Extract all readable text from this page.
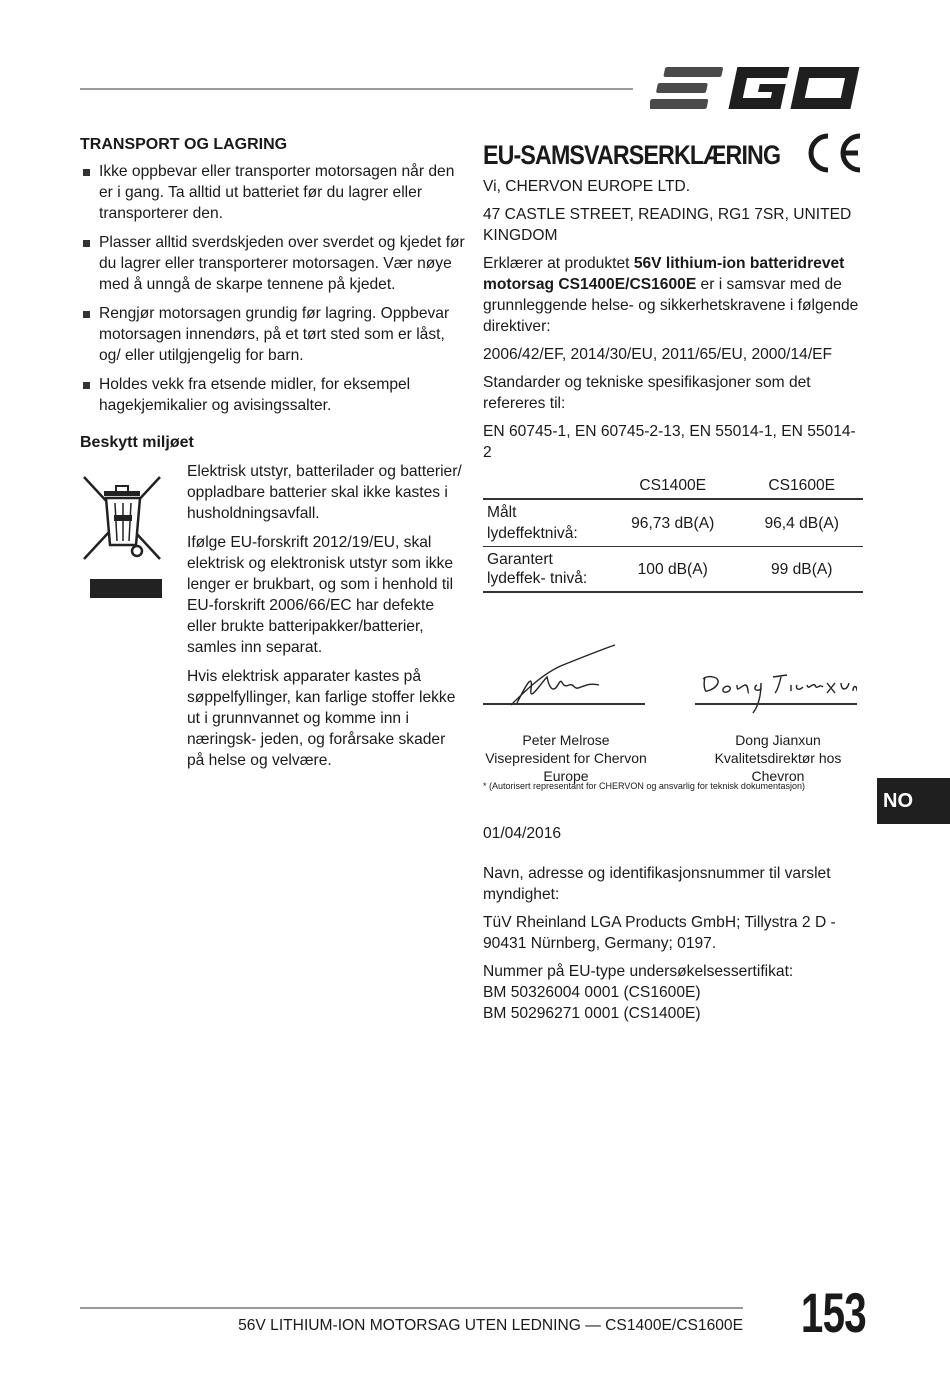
TRANSPORT OG LAGRING
Ikke oppbevar eller transporter motorsagen når den er i gang. Ta alltid ut batteriet før du lagrer eller transporterer den.
Plasser alltid sverdskjeden over sverdet og kjedet før du lagrer eller transporterer motorsagen. Vær nøye med å unngå de skarpe tennene på kjedet.
Rengjør motorsagen grundig før lagring. Oppbevar motorsagen innendørs, på et tørt sted som er låst, og/ eller utilgjengelig for barn.
Holdes vekk fra etsende midler, for eksempel hagekjemikalier og avisingssalter.
Beskytt miljøet

Elektrisk utstyr, batterilader og batterier/ oppladbare batterier skal ikke kastes i husholdningsavfall.

Ifølge EU-forskrift 2012/19/EU, skal elektrisk og elektronisk utstyr som ikke lenger er brukbart, og som i henhold til EU-forskrift 2006/66/EC har defekte eller brukte batteripakker/batterier, samles inn separat.

Hvis elektrisk apparater kastes på søppelfyllinger, kan farlige stoffer lekke ut i grunnvannet og komme inn i næringsk- jeden, og forårsake skader på helse og velvære.

EU-SAMSVARSERKLÆRING

Vi, CHERVON EUROPE LTD.

47 CASTLE STREET, READING, RG1 7SR, UNITED KINGDOM

Erklærer at produktet 56V lithium-ion batteridrevet motorsag CS1400E/CS1600E er i samsvar med de grunnleggende helse- og sikkerhetskravene i følgende direktiver:

2006/42/EF, 2014/30/EU, 2011/65/EU, 2000/14/EF

Standarder og tekniske spesifikasjoner som det refereres til:

EN 60745-1, EN 60745-2-13, EN 55014-1, EN 55014-2

	CS1400E	CS1600E
Målt lydeffektnivå:	96,73 dB(A)	96,4 dB(A)
Garantert lydeffek- tnivå:	100 dB(A)	99 dB(A)
Peter Melrose
Visepresident for Chervon Europe
Dong Jianxun
Kvalitetsdirektør hos Chevron
* (Autorisert representant for CHERVON og ansvarlig for teknisk dokumentasjon)

01/04/2016

Navn, adresse og identifikasjonsnummer til varslet myndighet:

TüV Rheinland LGA Products GmbH; Tillystra 2 D - 90431 Nürnberg, Germany; 0197.

Nummer på EU-type undersøkelsessertifikat:
BM 50326004 0001 (CS1600E)
BM 50296271 0001 (CS1400E)

NO
56V LITHIUM-ION MOTORSAG UTEN LEDNING — CS1400E/CS1600E 153
